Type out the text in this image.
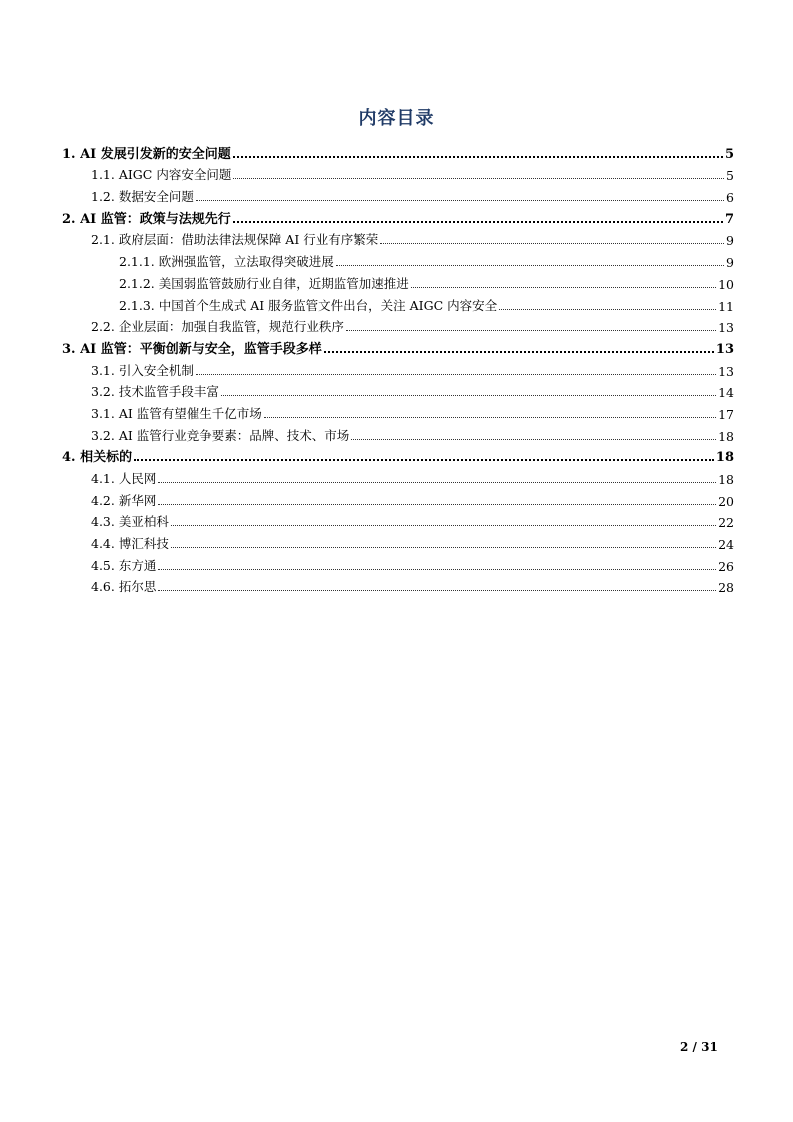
内容目录
1. AI 发展引发新的安全问题	5
1.1. AIGC 内容安全问题	5
1.2. 数据安全问题	6
2. AI 监管：政策与法规先行	7
2.1. 政府层面：借助法律法规保障 AI 行业有序繁荣	9
2.1.1. 欧洲强监管，立法取得突破进展	9
2.1.2. 美国弱监管鼓励行业自律，近期监管加速推进	10
2.1.3. 中国首个生成式 AI 服务监管文件出台，关注 AIGC 内容安全	11
2.2. 企业层面：加强自我监管，规范行业秩序	13
3. AI 监管：平衡创新与安全，监管手段多样	13
3.1. 引入安全机制	13
3.2. 技术监管手段丰富	14
3.1. AI 监管有望催生千亿市场	17
3.2. AI 监管行业竞争要素：品牌、技术、市场	18
4. 相关标的	18
4.1. 人民网	18
4.2. 新华网	20
4.3. 美亚柏科	22
4.4. 博汇科技	24
4.5. 东方通	26
4.6. 拓尔思	28
2 / 31
